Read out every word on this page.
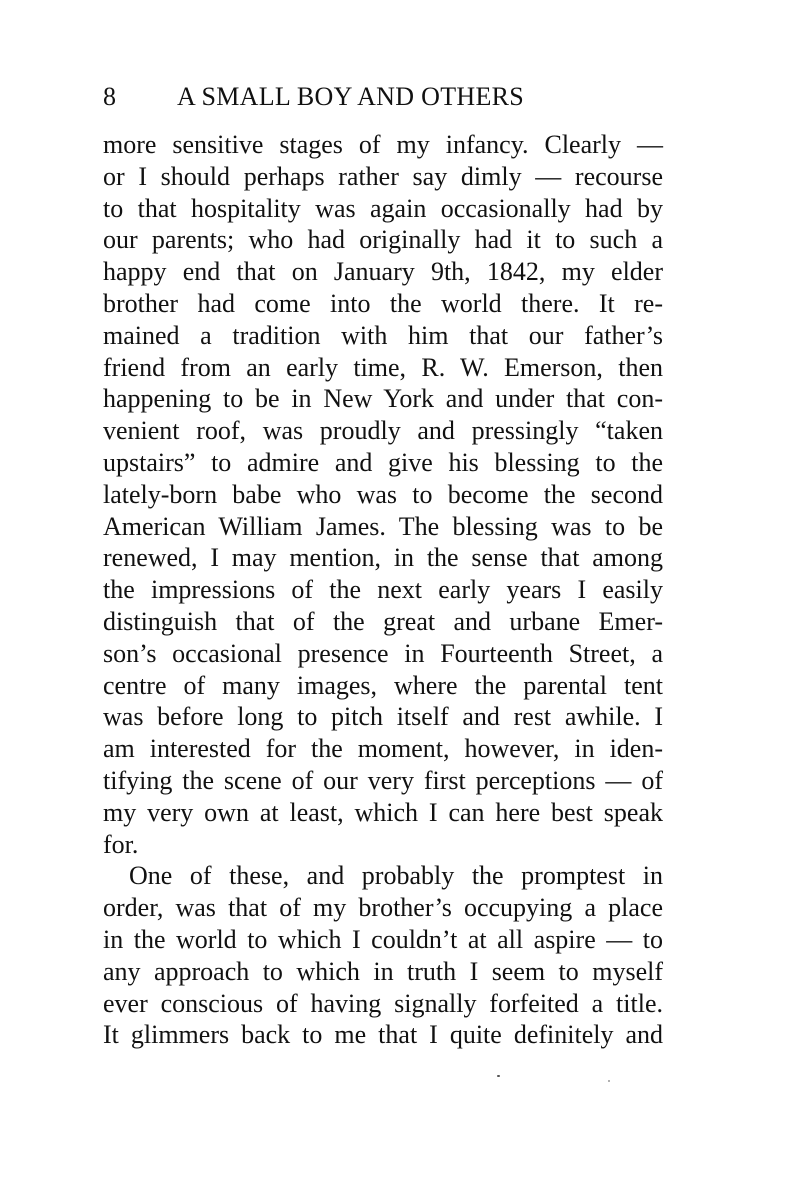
8 A SMALL BOY AND OTHERS
more sensitive stages of my infancy. Clearly —
or I should perhaps rather say dimly — recourse
to that hospitality was again occasionally had by
our parents; who had originally had it to such a
happy end that on January 9th, 1842, my elder
brother had come into the world there. It re-
mained a tradition with him that our father’s
friend from an early time, R. W. Emerson, then
happening to be in New York and under that con-
venient roof, was proudly and pressingly “taken
upstairs” to admire and give his blessing to the
lately-born babe who was to become the second
American William James. The blessing was to be
renewed, I may mention, in the sense that among
the impressions of the next early years I easily
distinguish that of the great and urbane Emer-
son’s occasional presence in Fourteenth Street, a
centre of many images, where the parental tent
was before long to pitch itself and rest awhile. I
am interested for the moment, however, in iden-
tifying the scene of our very first perceptions — of
my very own at least, which I can here best speak
for.
One of these, and probably the promptest in
order, was that of my brother’s occupying a place
in the world to which I couldn’t at all aspire — to
any approach to which in truth I seem to myself
ever conscious of having signally forfeited a title.
It glimmers back to me that I quite definitely and
